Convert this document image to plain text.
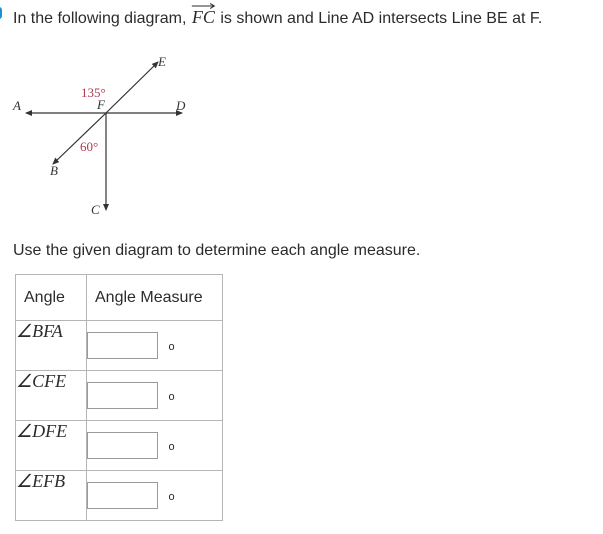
In the following diagram, FC is shown and Line AD intersects Line BE at F.
A
B
C
D
E
F
135°
60°
Use the given diagram to determine each angle measure.
Angle	Angle Measure
∠BFA	o
∠CFE	o
∠DFE	o
∠EFB	o
